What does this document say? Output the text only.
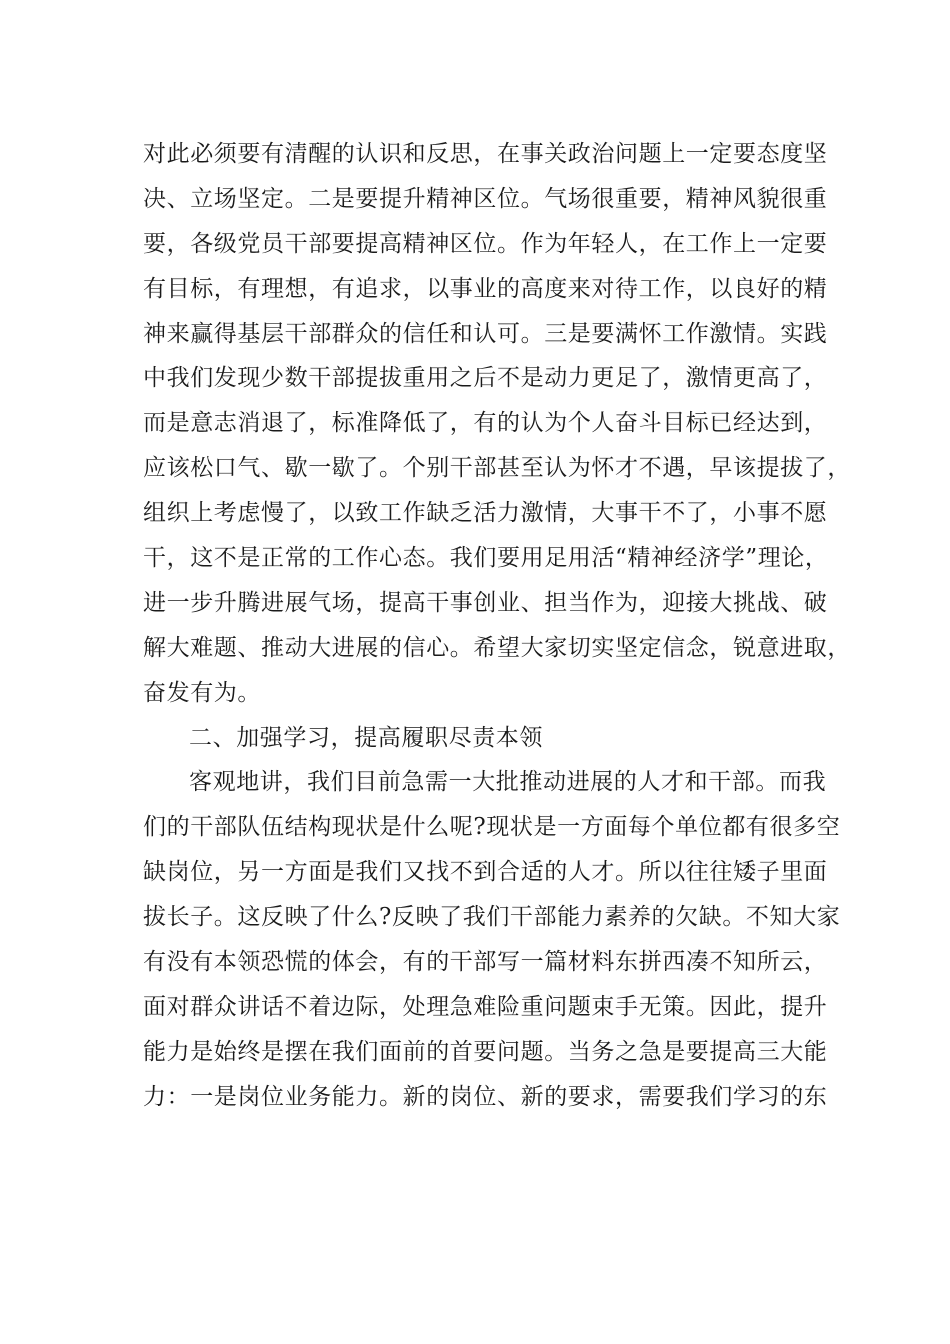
对此必须要有清醒的认识和反思，在事关政治问题上一定要态度坚
决、立场坚定。二是要提升精神区位。气场很重要，精神风貌很重
要，各级党员干部要提高精神区位。作为年轻人，在工作上一定要
有目标，有理想，有追求，以事业的高度来对待工作，以良好的精
神来赢得基层干部群众的信任和认可。三是要满怀工作激情。实践
中我们发现少数干部提拔重用之后不是动力更足了，激情更高了，
而是意志消退了，标准降低了，有的认为个人奋斗目标已经达到，
应该松口气、歇一歇了。个别干部甚至认为怀才不遇，早该提拔了，
组织上考虑慢了，以致工作缺乏活力激情，大事干不了，小事不愿
干，这不是正常的工作心态。我们要用足用活“精神经济学”理论，
进一步升腾进展气场，提高干事创业、担当作为，迎接大挑战、破
解大难题、推动大进展的信心。希望大家切实坚定信念，锐意进取，
奋发有为。
二、加强学习，提高履职尽责本领
客观地讲，我们目前急需一大批推动进展的人才和干部。而我
们的干部队伍结构现状是什么呢?现状是一方面每个单位都有很多空
缺岗位，另一方面是我们又找不到合适的人才。所以往往矮子里面
拔长子。这反映了什么?反映了我们干部能力素养的欠缺。不知大家
有没有本领恐慌的体会，有的干部写一篇材料东拼西凑不知所云，
面对群众讲话不着边际，处理急难险重问题束手无策。因此，提升
能力是始终是摆在我们面前的首要问题。当务之急是要提高三大能
力：一是岗位业务能力。新的岗位、新的要求，需要我们学习的东
